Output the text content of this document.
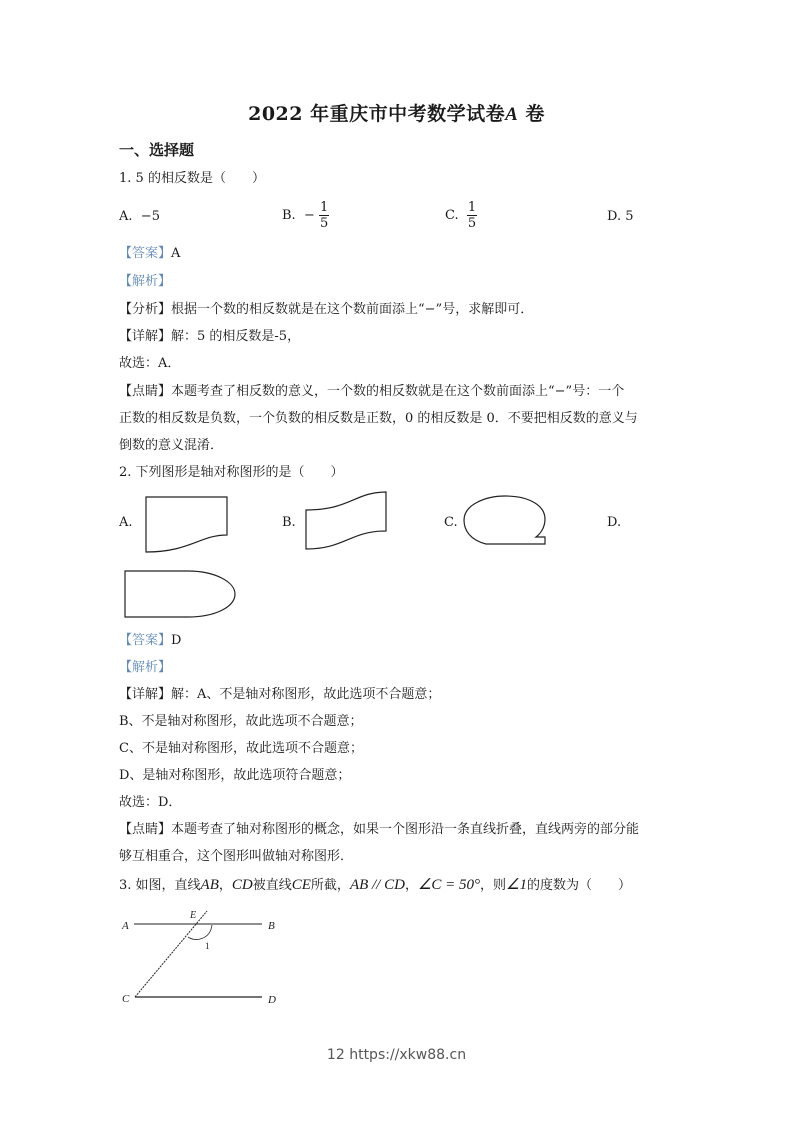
2022 年重庆市中考数学试卷A 卷
一、选择题
1. 5 的相反数是（　　）
A. −5	B. − $\frac{1}{5}$	C. $\frac{1}{5}$	D. 5
【答案】A
【解析】
【分析】根据一个数的相反数就是在这个数前面添上“−”号，求解即可．
【详解】解：5 的相反数是-5，
故选：A．
【点睛】本题考查了相反数的意义，一个数的相反数就是在这个数前面添上“−”号：一个
正数的相反数是负数，一个负数的相反数是正数，0 的相反数是 0．不要把相反数的意义与
倒数的意义混淆．
2. 下列图形是轴对称图形的是（　　）
A.	B.	C.	D.
A	B
C	D
E
1
【答案】D
【解析】
【详解】解：A、不是轴对称图形，故此选项不合题意；
B、不是轴对称图形，故此选项不合题意；
C、不是轴对称图形，故此选项不合题意；
D、是轴对称图形，故此选项符合题意；
故选：D．
【点睛】本题考查了轴对称图形的概念，如果一个图形沿一条直线折叠，直线两旁的部分能
够互相重合，这个图形叫做轴对称图形．
3. 如图，直线AB，CD被直线CE所截，AB // CD，∠C = 50°，则∠1的度数为（　　）
12 https://xkw88.cn
